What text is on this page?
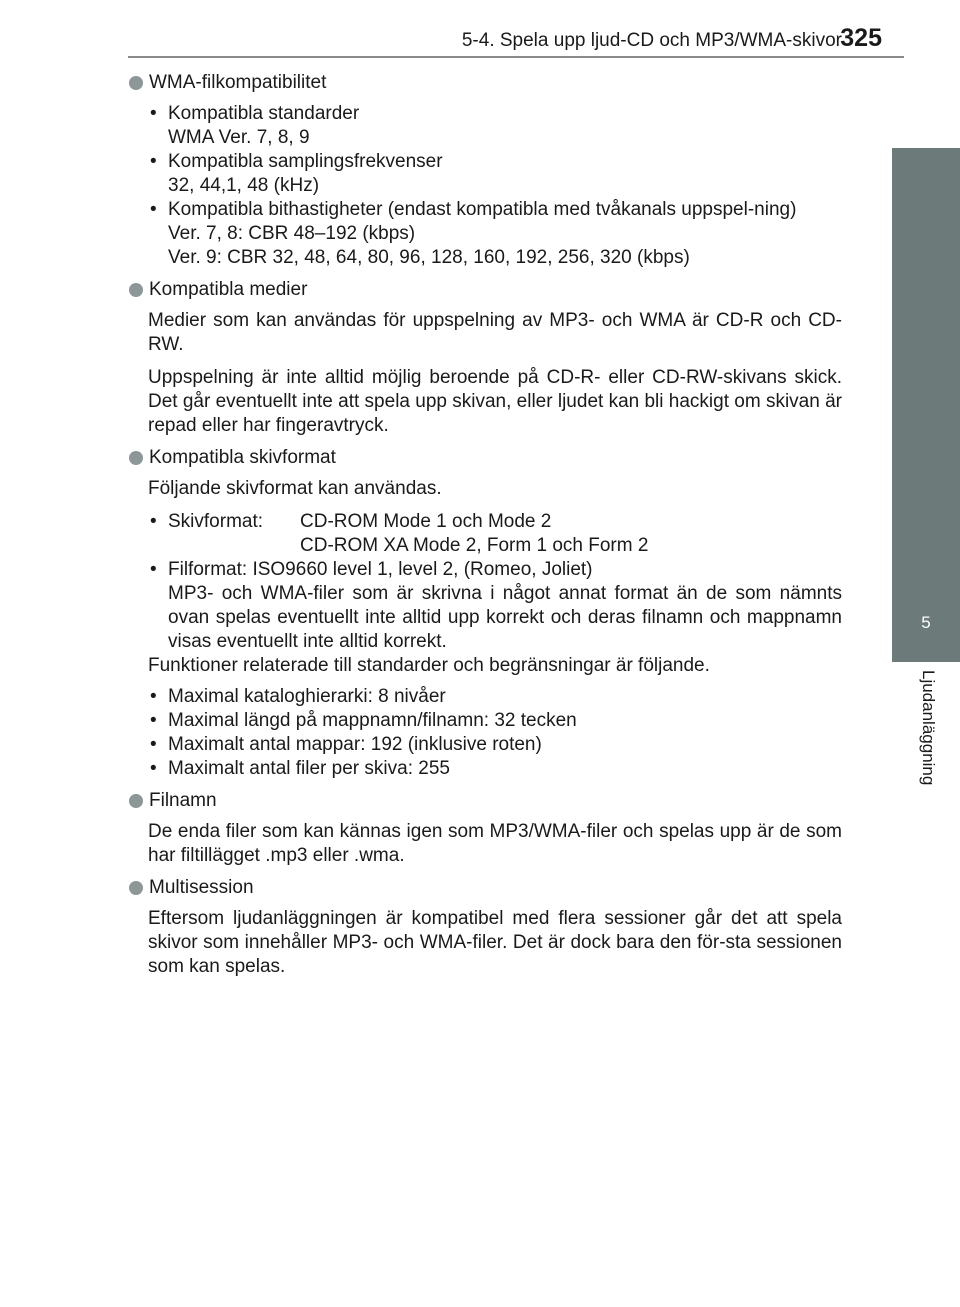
5-4. Spela upp ljud-CD och MP3/WMA-skivor
325
5
Ljudanläggning
WMA-filkompatibilitet
• Kompatibla standarder
WMA Ver. 7, 8, 9
• Kompatibla samplingsfrekvenser
32, 44,1, 48 (kHz)
• Kompatibla bithastigheter (endast kompatibla med tvåkanals uppspel-ning)
Ver. 7, 8: CBR 48–192 (kbps)
Ver. 9: CBR 32, 48, 64, 80, 96, 128, 160, 192, 256, 320 (kbps)
Kompatibla medier

Medier som kan användas för uppspelning av MP3- och WMA är CD-R och CD-RW.

Uppspelning är inte alltid möjlig beroende på CD-R- eller CD-RW-skivans skick. Det går eventuellt inte att spela upp skivan, eller ljudet kan bli hackigt om skivan är repad eller har fingeravtryck.

Kompatibla skivformat

Följande skivformat kan användas.

• Skivformat:	CD-ROM Mode 1 och Mode 2
CD-ROM XA Mode 2, Form 1 och Form 2
• Filformat: ISO9660 level 1, level 2, (Romeo, Joliet)
MP3- och WMA-filer som är skrivna i något annat format än de som nämnts ovan spelas eventuellt inte alltid upp korrekt och deras filnamn och mappnamn visas eventuellt inte alltid korrekt.

Funktioner relaterade till standarder och begränsningar är följande.

• Maximal kataloghierarki: 8 nivåer
• Maximal längd på mappnamn/filnamn: 32 tecken
• Maximalt antal mappar: 192 (inklusive roten)
• Maximalt antal filer per skiva: 255
Filnamn

De enda filer som kan kännas igen som MP3/WMA-filer och spelas upp är de som har filtillägget .mp3 eller .wma.

Multisession

Eftersom ljudanläggningen är kompatibel med flera sessioner går det att spela skivor som innehåller MP3- och WMA-filer. Det är dock bara den för-sta sessionen som kan spelas.
